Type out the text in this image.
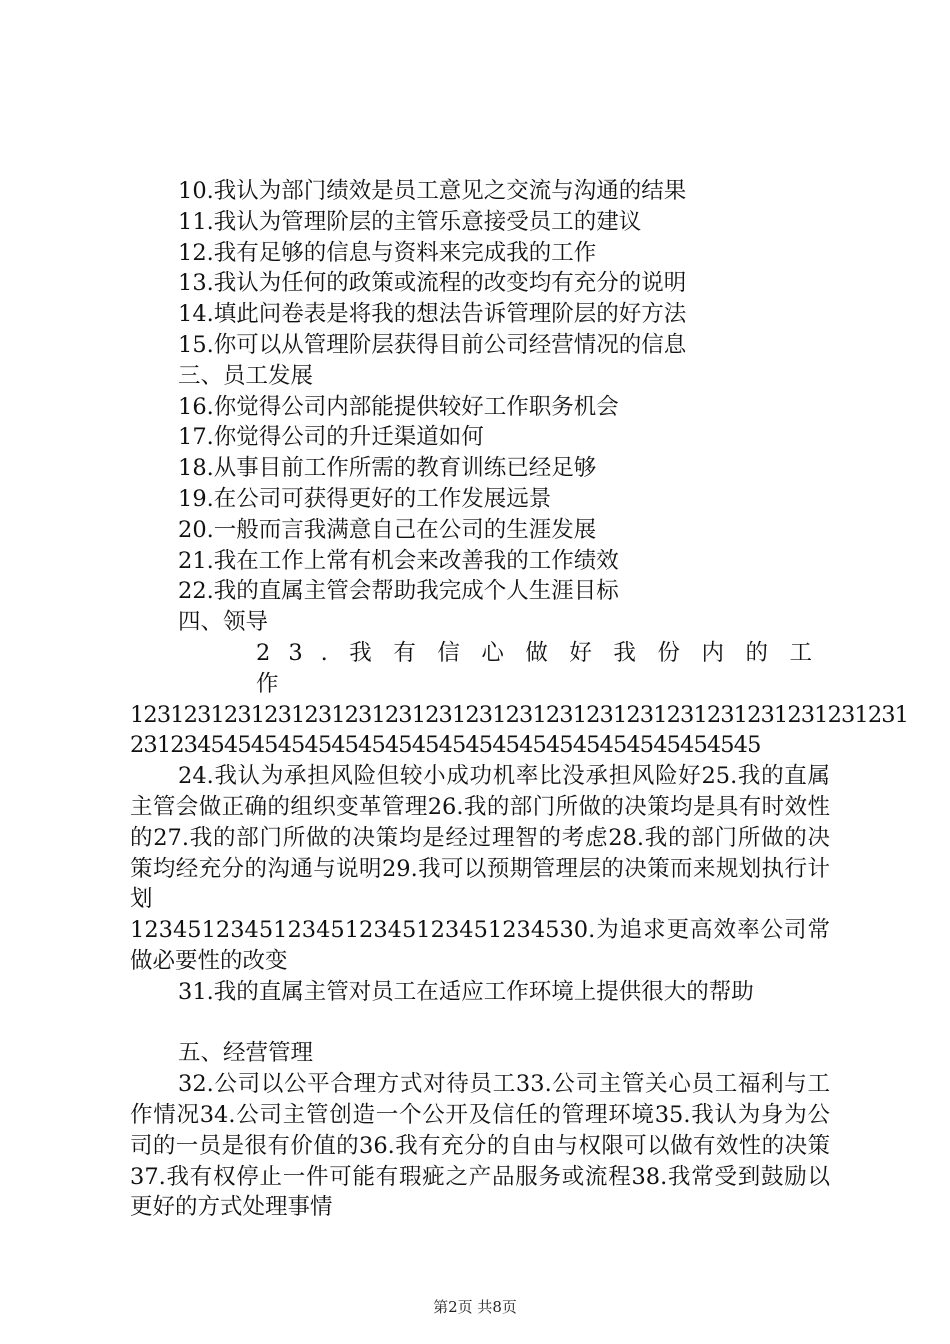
10.我认为部门绩效是员工意见之交流与沟通的结果
11.我认为管理阶层的主管乐意接受员工的建议
12.我有足够的信息与资料来完成我的工作
13.我认为任何的政策或流程的改变均有充分的说明
14.填此问卷表是将我的想法告诉管理阶层的好方法
15.你可以从管理阶层获得目前公司经营情况的信息
三、员工发展
16.你觉得公司内部能提供较好工作职务机会
17.你觉得公司的升迁渠道如何
18.从事目前工作所需的教育训练已经足够
19.在公司可获得更好的工作发展远景
20.一般而言我满意自己在公司的生涯发展
21.我在工作上常有机会来改善我的工作绩效
22.我的直属主管会帮助我完成个人生涯目标
四、领导
23.我有信心做好我份内的工作
1231231231231231231231231231231231231231231231231231231231
23123454545454545454545454545454545454545454545
24.我认为承担风险但较小成功机率比没承担风险好25.我的直属主管会做正确的组织变革管理26.我的部门所做的决策均是具有时效性的27.我的部门所做的决策均是经过理智的考虑28.我的部门所做的决策均经充分的沟通与说明29.我可以预期管理层的决策而来规划执行计划
12345123451234512345123451234530.为追求更高效率公司常做必要性的改变
31.我的直属主管对员工在适应工作环境上提供很大的帮助
五、经营管理
32.公司以公平合理方式对待员工33.公司主管关心员工福利与工作情况34.公司主管创造一个公开及信任的管理环境35.我认为身为公司的一员是很有价值的36.我有充分的自由与权限可以做有效性的决策37.我有权停止一件可能有瑕疵之产品服务或流程38.我常受到鼓励以更好的方式处理事情
第2页 共8页
